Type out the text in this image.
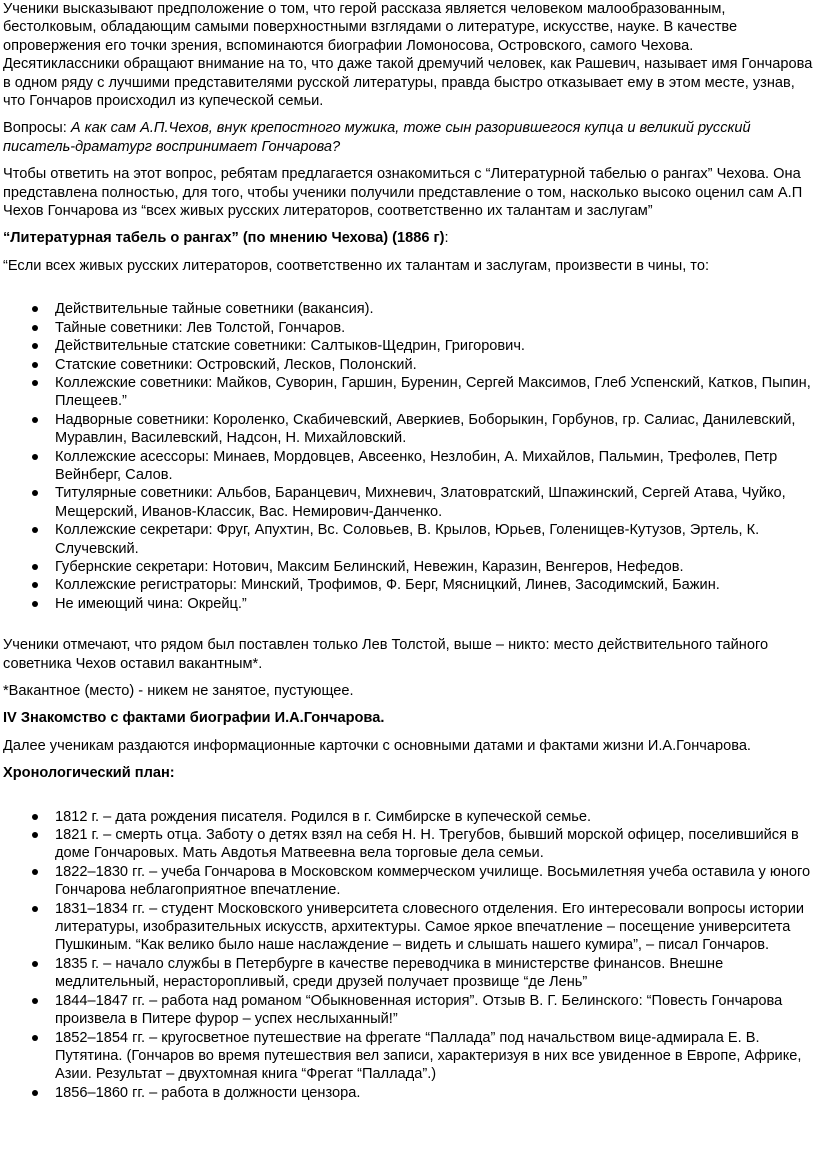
Ученики высказывают предположение о том, что герой рассказа является человеком малообразованным, бестолковым, обладающим самыми поверхностными взглядами о литературе, искусстве, науке. В качестве опровержения его точки зрения, вспоминаются биографии Ломоносова, Островского, самого Чехова. Десятиклассники обращают внимание на то, что даже такой дремучий человек, как Рашевич, называет имя Гончарова в одном ряду с лучшими представителями русской литературы, правда быстро отказывает ему в этом месте, узнав, что Гончаров происходил из купеческой семьи.

Вопросы: А как сам А.П.Чехов, внук крепостного мужика, тоже сын разорившегося купца и великий русский писатель-драматург воспринимает Гончарова?

Чтобы ответить на этот вопрос, ребятам предлагается ознакомиться с “Литературной табелью о рангах” Чехова. Она представлена полностью, для того, чтобы ученики получили представление о том, насколько высоко оценил сам А.П Чехов Гончарова из “всех живых русских литераторов, соответственно их талантам и заслугам”

“Литературная табель о рангах” (по мнению Чехова) (1886 г):

“Если всех живых русских литераторов, соответственно их талантам и заслугам, произвести в чины, то:

Действительные тайные советники (вакансия).
Тайные советники: Лев Толстой, Гончаров.
Действительные статские советники: Салтыков-Щедрин, Григорович.
Статские советники: Островский, Лесков, Полонский.
Коллежские советники: Майков, Суворин, Гаршин, Буренин, Сергей Максимов, Глеб Успенский, Катков, Пыпин, Плещеев.”
Надворные советники: Короленко, Скабичевский, Аверкиев, Боборыкин, Горбунов, гр. Салиас, Данилевский, Муравлин, Василевский, Надсон, Н. Михайловский.
Коллежские асессоры: Минаев, Мордовцев, Авсеенко, Незлобин, А. Михайлов, Пальмин, Трефолев, Петр Вейнберг, Салов.
Титулярные советники: Альбов, Баранцевич, Михневич, Златовратский, Шпажинский, Сергей Атава, Чуйко, Мещерский, Иванов-Классик, Вас. Немирович-Данченко.
Коллежские секретари: Фруг, Апухтин, Вс. Соловьев, В. Крылов, Юрьев, Голенищев-Кутузов, Эртель, К. Случевский.
Губернские секретари: Нотович, Максим Белинский, Невежин, Каразин, Венгеров, Нефедов.
Коллежские регистраторы: Минский, Трофимов, Ф. Берг, Мясницкий, Линев, Засодимский, Бажин.
Не имеющий чина: Окрейц.”

Ученики отмечают, что рядом был поставлен только Лев Толстой, выше – никто: место действительного тайного советника Чехов оставил вакантным*.

*Вакантное (место) - никем не занятое, пустующее.

IV Знакомство с фактами биографии И.А.Гончарова.

Далее ученикам раздаются информационные карточки с основными датами и фактами жизни И.А.Гончарова.

Хронологический план:

1812 г. – дата рождения писателя. Родился в г. Симбирске в купеческой семье.
1821 г. – смерть отца. Заботу о детях взял на себя Н. Н. Трегубов, бывший морской офицер, поселившийся в доме Гончаровых. Мать Авдотья Матвеевна вела торговые дела семьи.
1822–1830 гг. – учеба Гончарова в Московском коммерческом училище. Восьмилетняя учеба оставила у юного Гончарова неблагоприятное впечатление.
1831–1834 гг. – студент Московского университета словесного отделения. Его интересовали вопросы истории литературы, изобразительных искусств, архитектуры. Самое яркое впечатление – посещение университета Пушкиным. “Как велико было наше наслаждение – видеть и слышать нашего кумира”, – писал Гончаров.
1835 г. – начало службы в Петербурге в качестве переводчика в министерстве финансов. Внешне медлительный, нерасторопливый, среди друзей получает прозвище “де Лень”
1844–1847 гг. – работа над романом “Обыкновенная история”. Отзыв В. Г. Белинского: “Повесть Гончарова произвела в Питере фурор – успех неслыханный!”
1852–1854 гг. – кругосветное путешествие на фрегате “Паллада” под начальством вице-адмирала Е. В. Путятина. (Гончаров во время путешествия вел записи, характеризуя в них все увиденное в Европе, Африке, Азии. Результат – двухтомная книга “Фрегат “Паллада”.)
1856–1860 гг. – работа в должности цензора.
